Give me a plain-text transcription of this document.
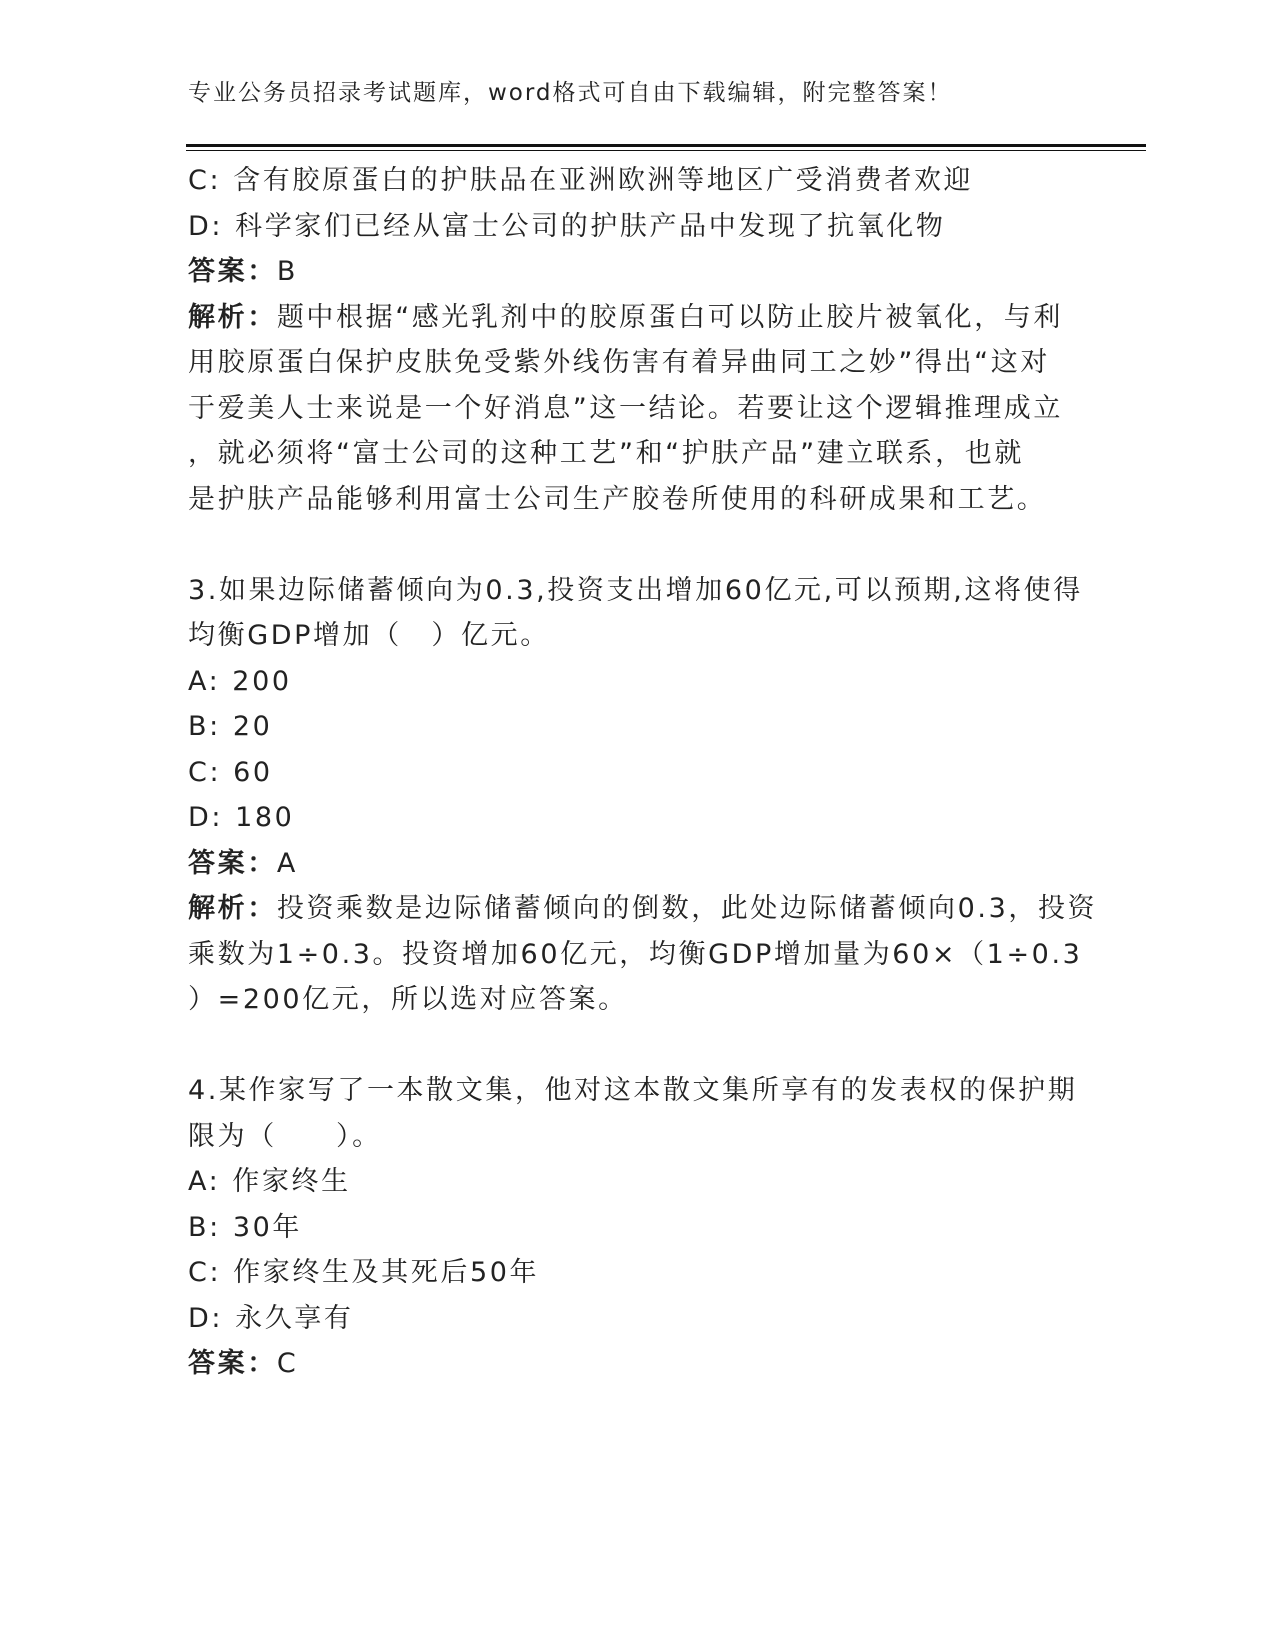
专业公务员招录考试题库，word格式可自由下载编辑，附完整答案！
C: 含有胶原蛋白的护肤品在亚洲欧洲等地区广受消费者欢迎
D: 科学家们已经从富士公司的护肤产品中发现了抗氧化物
答案：B
解析：题中根据“感光乳剂中的胶原蛋白可以防止胶片被氧化，与利
用胶原蛋白保护皮肤免受紫外线伤害有着异曲同工之妙”得出“这对
于爱美人士来说是一个好消息”这一结论。若要让这个逻辑推理成立
，就必须将“富士公司的这种工艺”和“护肤产品”建立联系，也就
是护肤产品能够利用富士公司生产胶卷所使用的科研成果和工艺。
3.如果边际储蓄倾向为0.3,投资支出增加60亿元,可以预期,这将使得
均衡GDP增加（　）亿元。
A: 200
B: 20
C: 60
D: 180
答案：A
解析：投资乘数是边际储蓄倾向的倒数，此处边际储蓄倾向0.3，投资
乘数为1÷0.3。投资增加60亿元，均衡GDP增加量为60×（1÷0.3
）=200亿元，所以选对应答案。
4.某作家写了一本散文集，他对这本散文集所享有的发表权的保护期
限为（　　）。
A: 作家终生
B: 30年
C: 作家终生及其死后50年
D: 永久享有
答案：C
